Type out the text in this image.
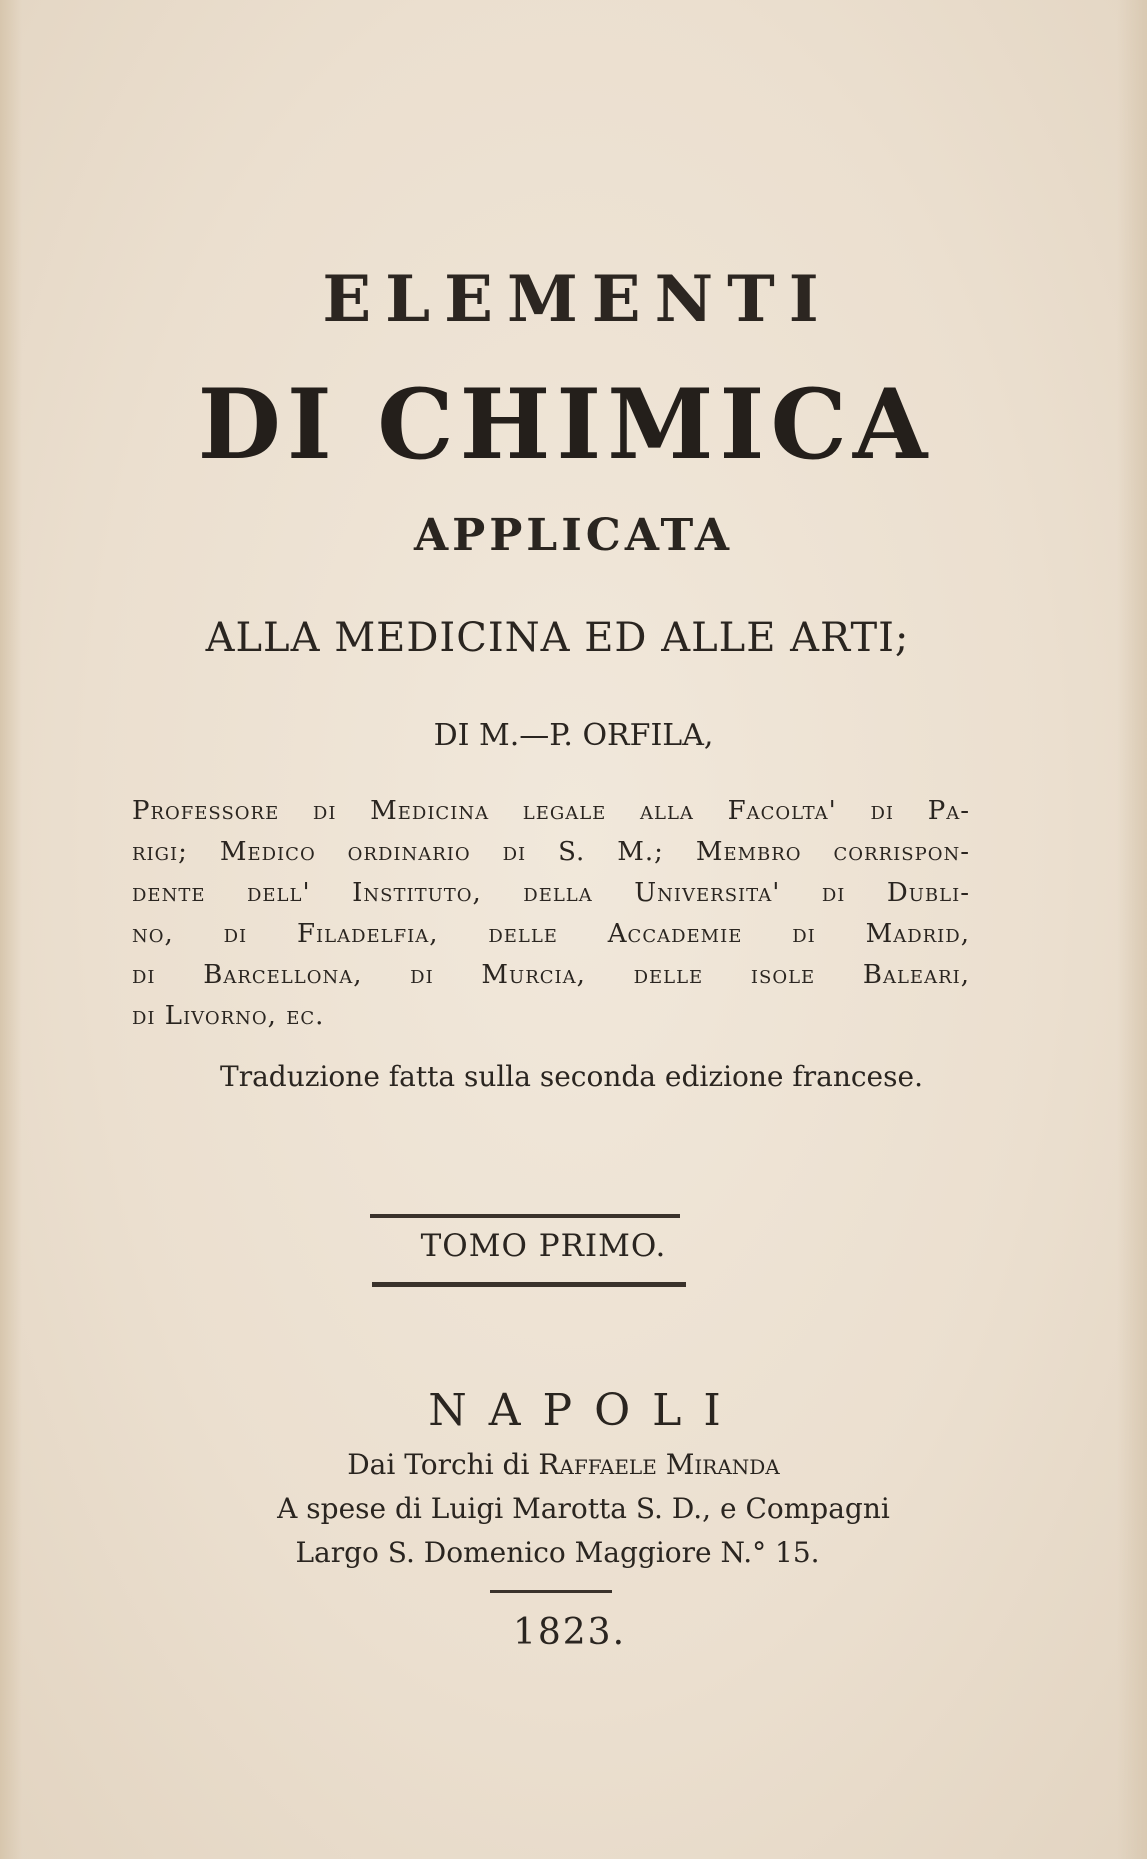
ELEMENTI
DI CHIMICA
APPLICATA
ALLA MEDICINA ED ALLE ARTI;
DI M.—P. ORFILA,
Professore di Medicina legale alla Facolta' di Pa-
rigi; Medico ordinario di S. M.; Membro corrispon-
dente dell' Instituto, della Universita' di Dubli-
no, di Filadelfia, delle Accademie di Madrid,
di Barcellona, di Murcia, delle isole Baleari,
di Livorno, ec.
Traduzione fatta sulla seconda edizione francese.
TOMO PRIMO.
NAPOLI
Dai Torchi di Raffaele Miranda
A spese di Luigi Marotta S. D., e Compagni
Largo S. Domenico Maggiore N.° 15.
1823.
